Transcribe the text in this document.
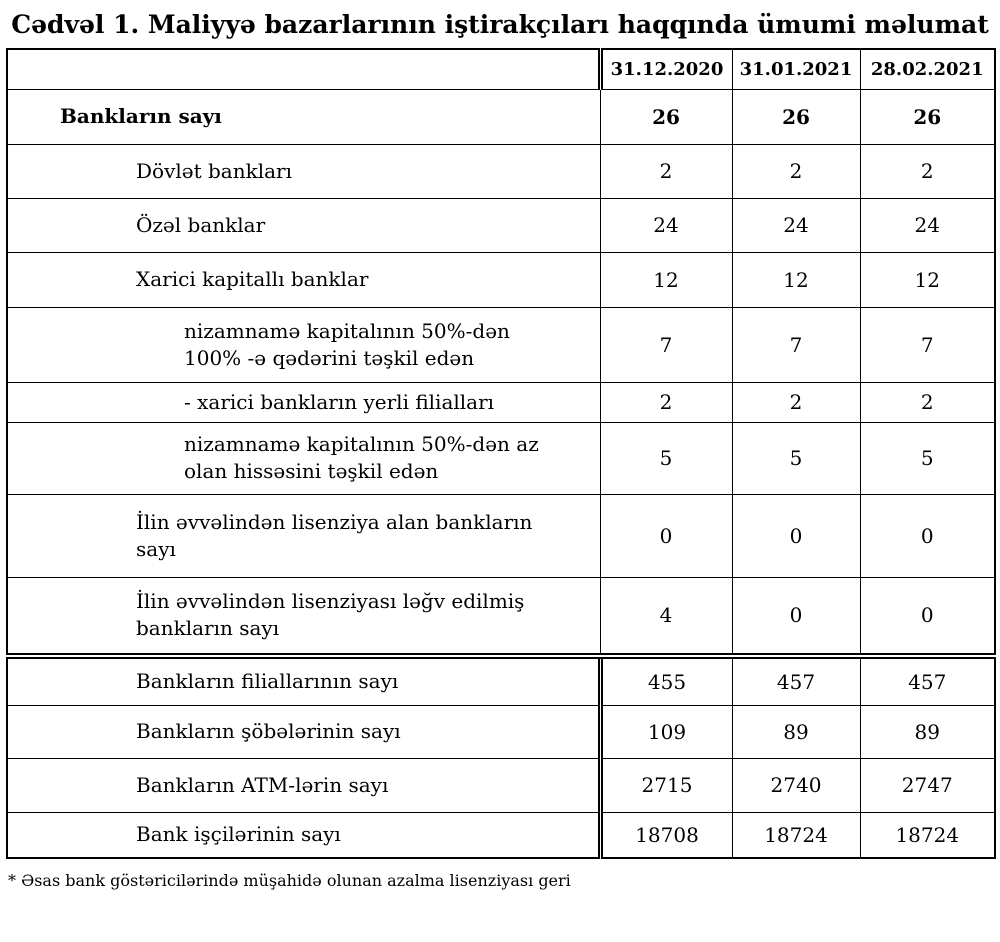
Cədvəl 1. Maliyyə bazarlarının iştirakçıları haqqında ümumi məlumat
	31.12.2020	31.01.2021	28.02.2021
Bankların sayı	26	26	26
Dövlət bankları	2	2	2
Özəl banklar	24	24	24
Xarici kapitallı banklar	12	12	12
nizamnamə kapitalının 50%-dən 100% -ə qədərini təşkil edən	7	7	7
- xarici bankların yerli filialları	2	2	2
nizamnamə kapitalının 50%-dən az olan hissəsini təşkil edən	5	5	5
İlin əvvəlindən lisenziya alan bankların sayı	0	0	0
İlin əvvəlindən lisenziyası ləğv edilmiş bankların sayı	4	0	0
Bankların filiallarının sayı	455	457	457
Bankların şöbələrinin sayı	109	89	89
Bankların ATM-lərin sayı	2715	2740	2747
Bank işçilərinin sayı	18708	18724	18724
* Əsas bank göstəricilərində müşahidə olunan azalma lisenziyası geri
